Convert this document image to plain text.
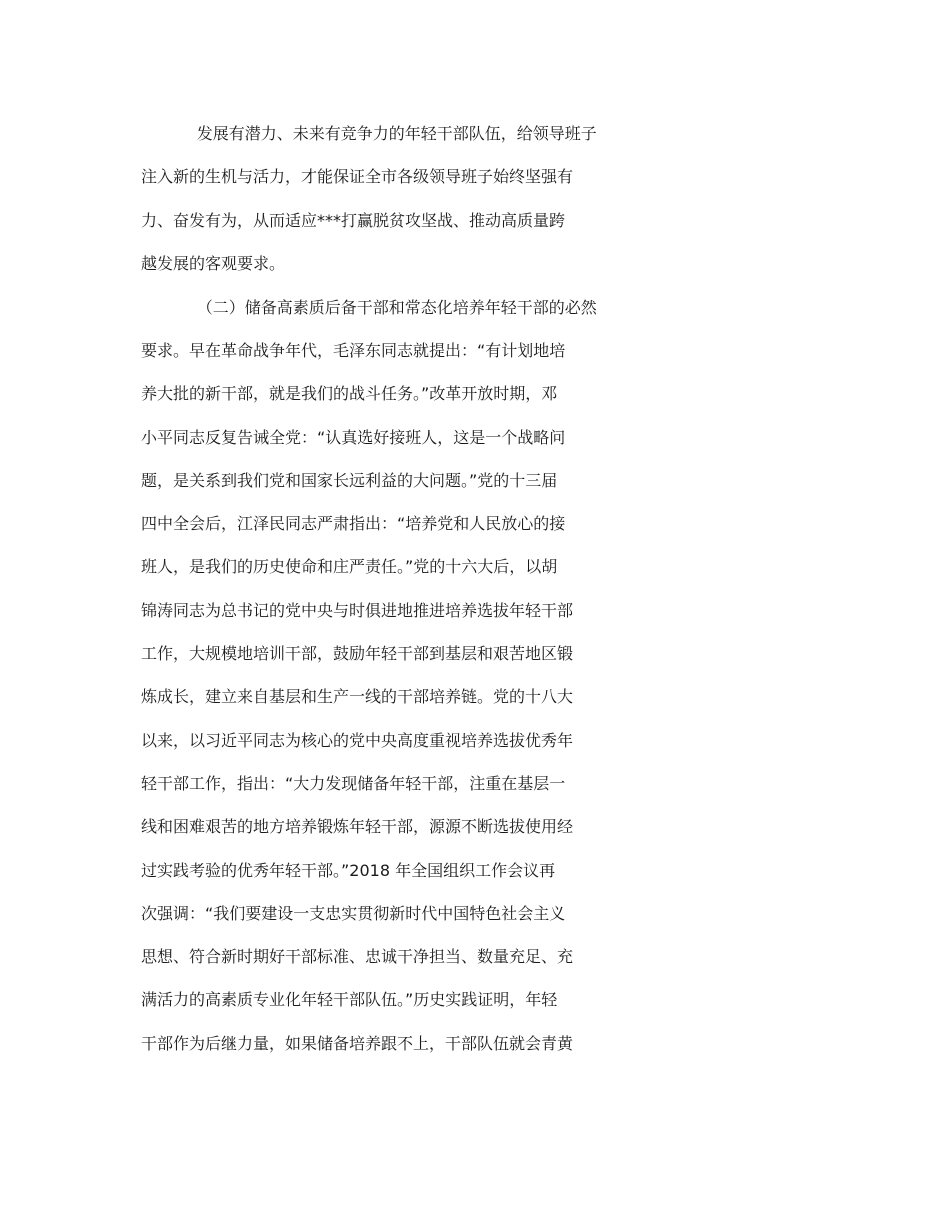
发展有潜力、未来有竞争力的年轻干部队伍，给领导班子
注入新的生机与活力，才能保证全市各级领导班子始终坚强有
力、奋发有为，从而适应***打赢脱贫攻坚战、推动高质量跨
越发展的客观要求。
（二）储备高素质后备干部和常态化培养年轻干部的必然
要求。早在革命战争年代，毛泽东同志就提出：“有计划地培
养大批的新干部，就是我们的战斗任务。”改革开放时期，邓
小平同志反复告诫全党：“认真选好接班人，这是一个战略问
题，是关系到我们党和国家长远利益的大问题。”党的十三届
四中全会后，江泽民同志严肃指出：“培养党和人民放心的接
班人，是我们的历史使命和庄严责任。”党的十六大后，以胡
锦涛同志为总书记的党中央与时俱进地推进培养选拔年轻干部
工作，大规模地培训干部，鼓励年轻干部到基层和艰苦地区锻
炼成长，建立来自基层和生产一线的干部培养链。党的十八大
以来，以习近平同志为核心的党中央高度重视培养选拔优秀年
轻干部工作，指出：“大力发现储备年轻干部，注重在基层一
线和困难艰苦的地方培养锻炼年轻干部，源源不断选拔使用经
过实践考验的优秀年轻干部。”2018 年全国组织工作会议再
次强调：“我们要建设一支忠实贯彻新时代中国特色社会主义
思想、符合新时期好干部标准、忠诚干净担当、数量充足、充
满活力的高素质专业化年轻干部队伍。”历史实践证明，年轻
干部作为后继力量，如果储备培养跟不上，干部队伍就会青黄
